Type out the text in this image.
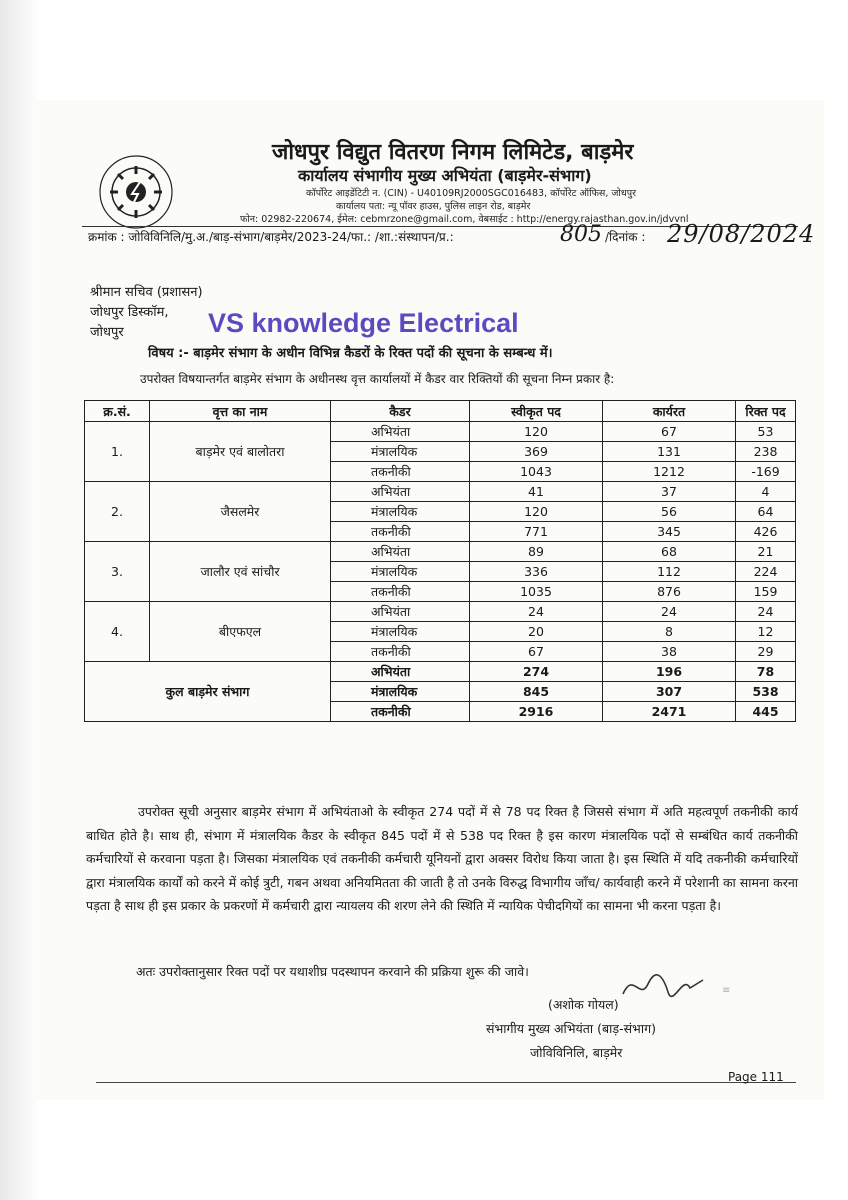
जोधपुर विद्युत वितरण निगम लिमिटेड, बाड़मेर
कार्यालय संभागीय मुख्य अभियंता (बाड़मेर-संभाग)
कॉर्पोरेट आइडेंटिटी न. (CIN) - U40109RJ2000SGC016483, कॉर्पोरेट ऑफिस, जोधपुर
कार्यालय पता: न्यू पॉवर हाउस, पुलिस लाइन रोड, बाड़मेर
फोन: 02982-220674, ईमेल: cebmrzone@gmail.com, वेबसाईट : http://energy.rajasthan.gov.in/jdvvnl
क्रमांक : जोविविनिलि/मु.अ./बाड़-संभाग/बाड़मेर/2023-24/फा.: /शा.:संस्थापन/प्र.:	805 /दिनांक : 29/08/2024
श्रीमान सचिव (प्रशासन)
जोधपुर डिस्कॉम,
जोधपुर	VS knowledge Electrical
विषय :- बाड़मेर संभाग के अधीन विभिन्न कैडरों के रिक्त पदों की सूचना के सम्बन्ध में।
उपरोक्त विषयान्तर्गत बाड़मेर संभाग के अधीनस्थ वृत्त कार्यालयों में कैडर वार रिक्तियों की सूचना निम्न प्रकार है:
क्र.सं.	वृत्त का नाम	कैडर	स्वीकृत पद	कार्यरत	रिक्त पद
1.	बाड़मेर एवं बालोतरा	अभियंता	120	67	53
		मंत्रालयिक	369	131	238
		तकनीकी	1043	1212	-169
2.	जैसलमेर	अभियंता	41	37	4
		मंत्रालयिक	120	56	64
		तकनीकी	771	345	426
3.	जालौर एवं सांचौर	अभियंता	89	68	21
		मंत्रालयिक	336	112	224
		तकनीकी	1035	876	159
4.	बीएफएल	अभियंता	24	24	24
		मंत्रालयिक	20	8	12
		तकनीकी	67	38	29
कुल बाड़मेर संभाग		अभियंता	274	196	78
		मंत्रालयिक	845	307	538
		तकनीकी	2916	2471	445
उपरोक्त सूची अनुसार बाड़मेर संभाग में अभियंताओ के स्वीकृत 274 पदों में से 78 पद रिक्त है जिससे संभाग में अति महत्वपूर्ण तकनीकी कार्य बाधित होते है। साथ ही, संभाग में मंत्रालयिक कैडर के स्वीकृत 845 पदों में से 538 पद रिक्त है इस कारण मंत्रालयिक पदों से सम्बंधित कार्य तकनीकी कर्मचारियों से करवाना पड़ता है। जिसका मंत्रालयिक एवं तकनीकी कर्मचारी यूनियनों द्वारा अक्सर विरोध किया जाता है। इस स्थिति में यदि तकनीकी कर्मचारियों द्वारा मंत्रालयिक कार्यों को करने में कोई त्रुटी, गबन अथवा अनियमितता की जाती है तो उनके विरुद्ध विभागीय जाँच/ कार्यवाही करने में परेशानी का सामना करना पड़ता है साथ ही इस प्रकार के प्रकरणों में कर्मचारी द्वारा न्यायलय की शरण लेने की स्थिति में न्यायिक पेचीदगियों का सामना भी करना पड़ता है।
अतः उपरोक्तानुसार रिक्त पदों पर यथाशीघ्र पदस्थापन करवाने की प्रक्रिया शुरू की जावे।
≡
(अशोक गोयल)
संभागीय मुख्य अभियंता (बाड़-संभाग)
जोविविनिलि, बाड़मेर
Page 111
